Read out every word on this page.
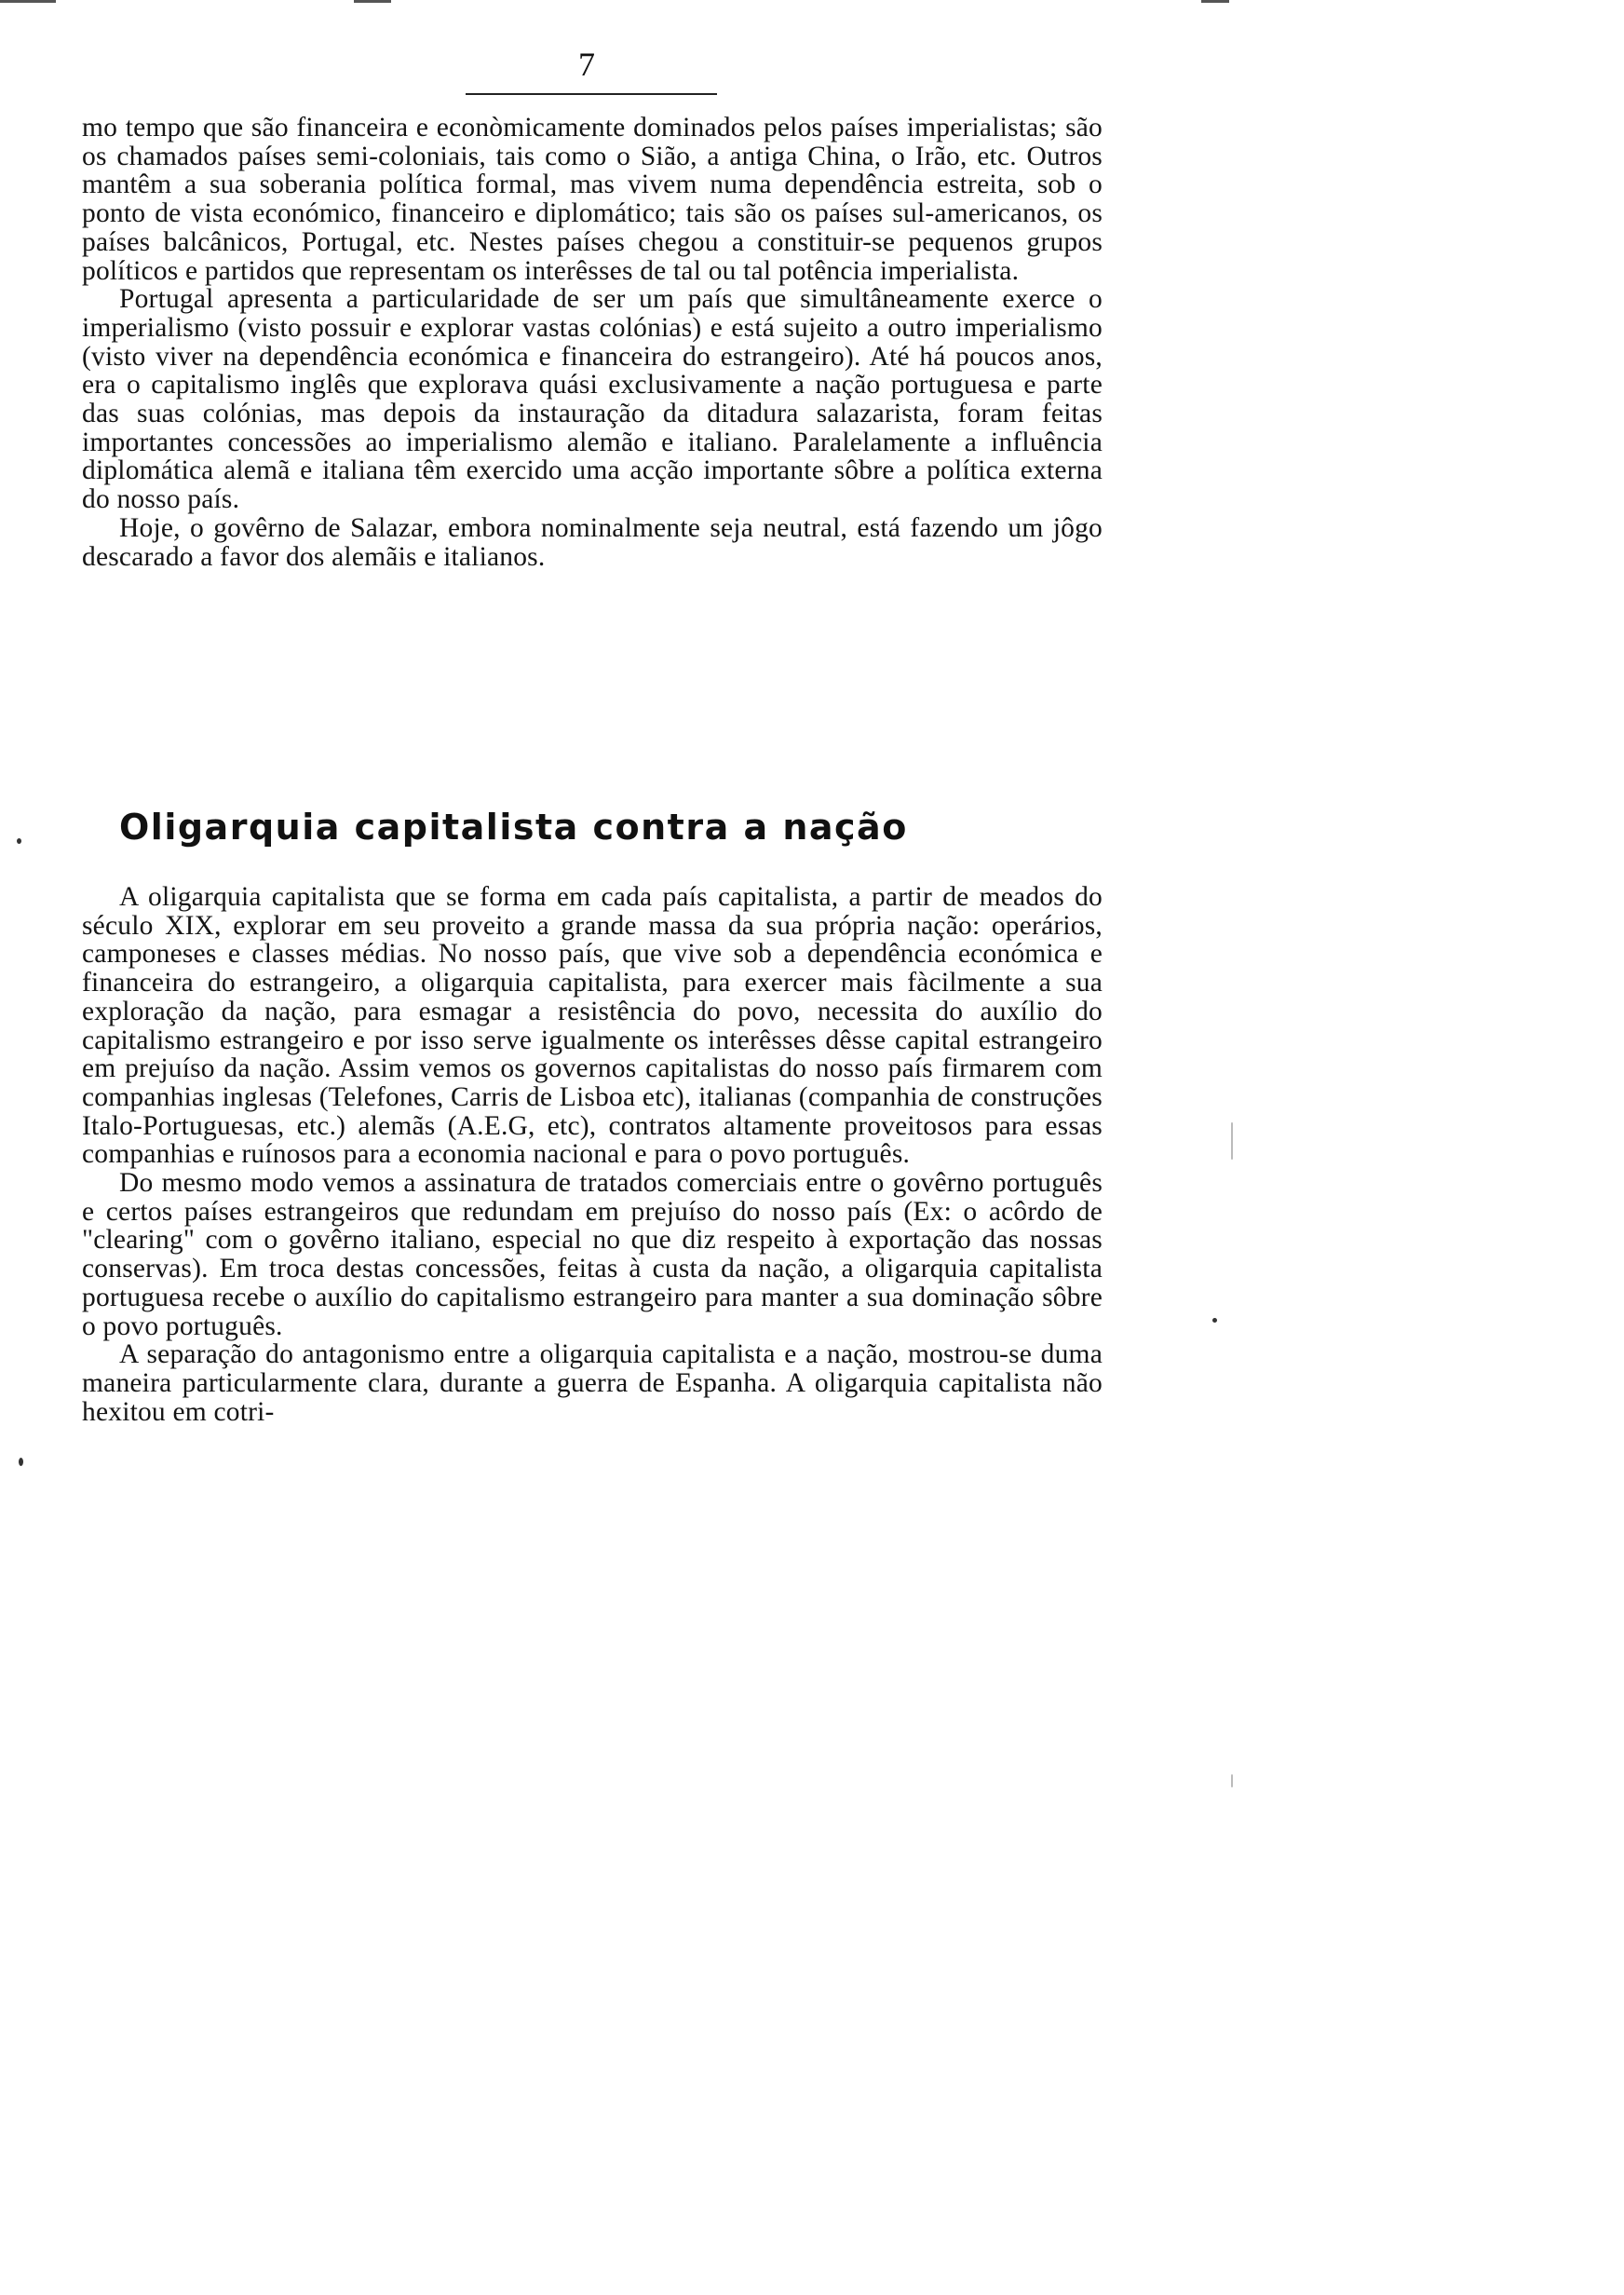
7

mo tempo que são financeira e econòmicamente dominados pelos países imperialistas; são os chamados países semi-coloniais, tais como o Sião, a antiga China, o Irão, etc. Outros mantêm a sua soberania política formal, mas vivem numa dependência estreita, sob o ponto de vista económico, financeiro e diplomático; tais são os países sul-americanos, os países balcânicos, Portugal, etc. Nestes países chegou a constituir-se pequenos grupos políticos e partidos que representam os interêsses de tal ou tal potência imperialista.

Portugal apresenta a particularidade de ser um país que simultâneamente exerce o imperialismo (visto possuir e explorar vastas colónias) e está sujeito a outro imperialismo (visto viver na dependência económica e financeira do estrangeiro). Até há poucos anos, era o capitalismo inglês que explorava quási exclusivamente a nação portuguesa e parte das suas colónias, mas depois da instauração da ditadura salazarista, foram feitas importantes concessões ao imperialismo alemão e italiano. Paralelamente a influência diplomática alemã e italiana têm exercido uma acção importante sôbre a política externa do nosso país.

Hoje, o govêrno de Salazar, embora nominalmente seja neutral, está fazendo um jôgo descarado a favor dos alemãis e italianos.

Oligarquia capitalista contra a nação

A oligarquia capitalista que se forma em cada país capitalista, a partir de meados do século XIX, explorar em seu proveito a grande massa da sua própria nação: operários, camponeses e classes médias. No nosso país, que vive sob a dependência económica e financeira do estrangeiro, a oligarquia capitalista, para exercer mais fàcilmente a sua exploração da nação, para esmagar a resistência do povo, necessita do auxílio do capitalismo estrangeiro e por isso serve igualmente os interêsses dêsse capital estrangeiro em prejuíso da nação. Assim vemos os governos capitalistas do nosso país firmarem com companhias inglesas (Telefones, Carris de Lisboa etc), italianas (companhia de construções Italo-Portuguesas, etc.) alemãs (A.E.G, etc), contratos altamente proveitosos para essas companhias e ruínosos para a economia nacional e para o povo português.

Do mesmo modo vemos a assinatura de tratados comerciais entre o govêrno português e certos países estrangeiros que redundam em prejuíso do nosso país (Ex: o acôrdo de "clearing" com o govêrno italiano, especial no que diz respeito à exportação das nossas conservas). Em troca destas concessões, feitas à custa da nação, a oligarquia capitalista portuguesa recebe o auxílio do capitalismo estrangeiro para manter a sua dominação sôbre o povo português.

A separação do antagonismo entre a oligarquia capitalista e a nação, mostrou-se duma maneira particularmente clara, durante a guerra de Espanha. A oligarquia capitalista não hexitou em cotri-
